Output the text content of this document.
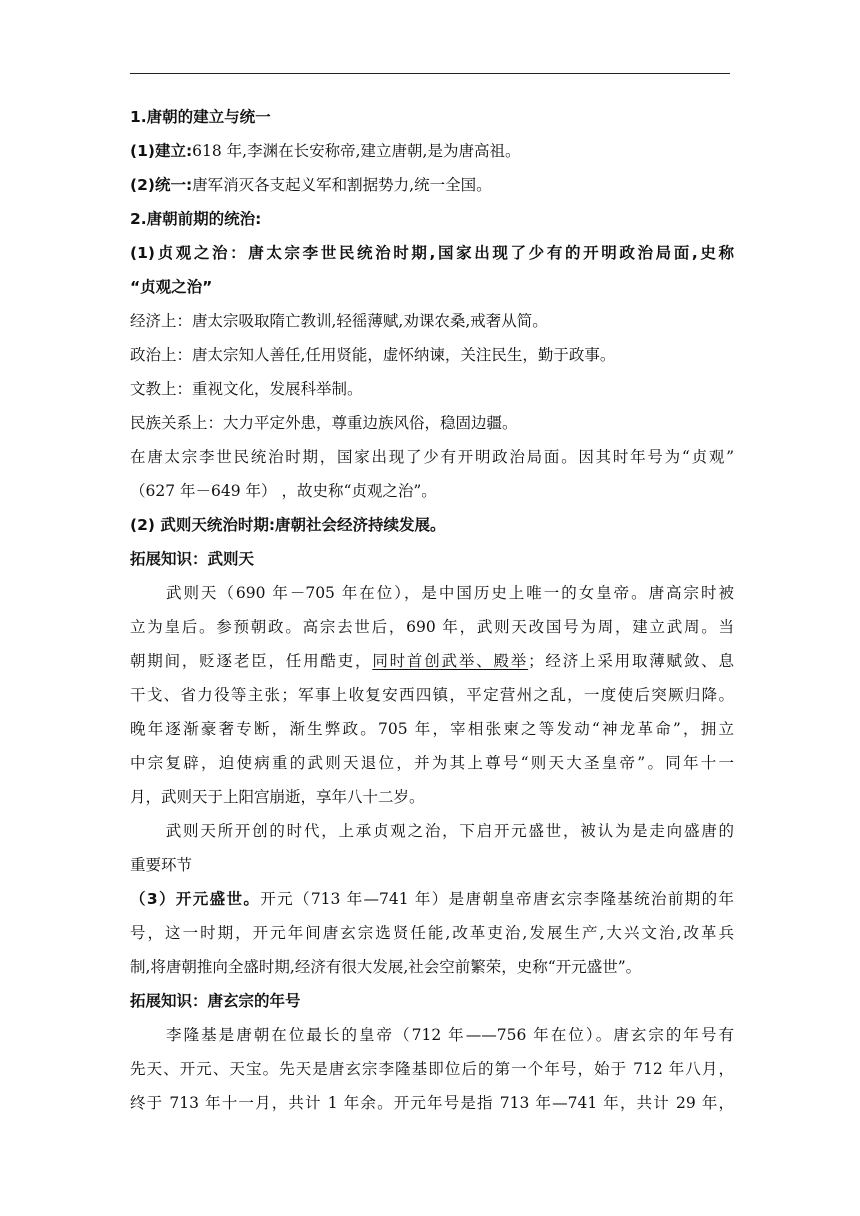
1.唐朝的建立与统一
(1)建立:618 年,李渊在长安称帝,建立唐朝,是为唐高祖。
(2)统一:唐军消灭各支起义军和割据势力,统一全国。
2.唐朝前期的统治:
(1)贞观之治：唐太宗李世民统治时期,国家出现了少有的开明政治局面,史称
“贞观之治”
经济上：唐太宗吸取隋亡教训,轻徭薄赋,劝课农桑,戒奢从简。
政治上：唐太宗知人善任,任用贤能，虚怀纳谏，关注民生，勤于政事。
文教上：重视文化，发展科举制。
民族关系上：大力平定外患，尊重边族风俗，稳固边疆。
在唐太宗李世民统治时期，国家出现了少有开明政治局面。因其时年号为“贞观”
（627 年－649 年） ，故史称“贞观之治”。
(2) 武则天统治时期:唐朝社会经济持续发展。
拓展知识：武则天
武则天（690 年－705 年在位），是中国历史上唯一的女皇帝。唐高宗时被
立为皇后。参预朝政。高宗去世后，690 年，武则天改国号为周，建立武周。当
朝期间，贬逐老臣，任用酷吏，同时首创武举、殿举；经济上采用取薄赋敛、息
干戈、省力役等主张；军事上收复安西四镇，平定营州之乱，一度使后突厥归降。
晚年逐渐豪奢专断，渐生弊政。705 年，宰相张柬之等发动“神龙革命”，拥立
中宗复辟，迫使病重的武则天退位，并为其上尊号“则天大圣皇帝”。同年十一
月，武则天于上阳宫崩逝，享年八十二岁。
武则天所开创的时代，上承贞观之治，下启开元盛世，被认为是走向盛唐的
重要环节
（3）开元盛世。开元（713 年—741 年）是唐朝皇帝唐玄宗李隆基统治前期的年
号，这一时期，开元年间唐玄宗选贤任能,改革吏治,发展生产,大兴文治,改革兵
制,将唐朝推向全盛时期,经济有很大发展,社会空前繁荣，史称“开元盛世”。
拓展知识：唐玄宗的年号
李隆基是唐朝在位最长的皇帝（712 年——756 年在位）。唐玄宗的年号有
先天、开元、天宝。先天是唐玄宗李隆基即位后的第一个年号，始于 712 年八月，
终于 713 年十一月，共计 1 年余。开元年号是指 713 年—741 年，共计 29 年，
